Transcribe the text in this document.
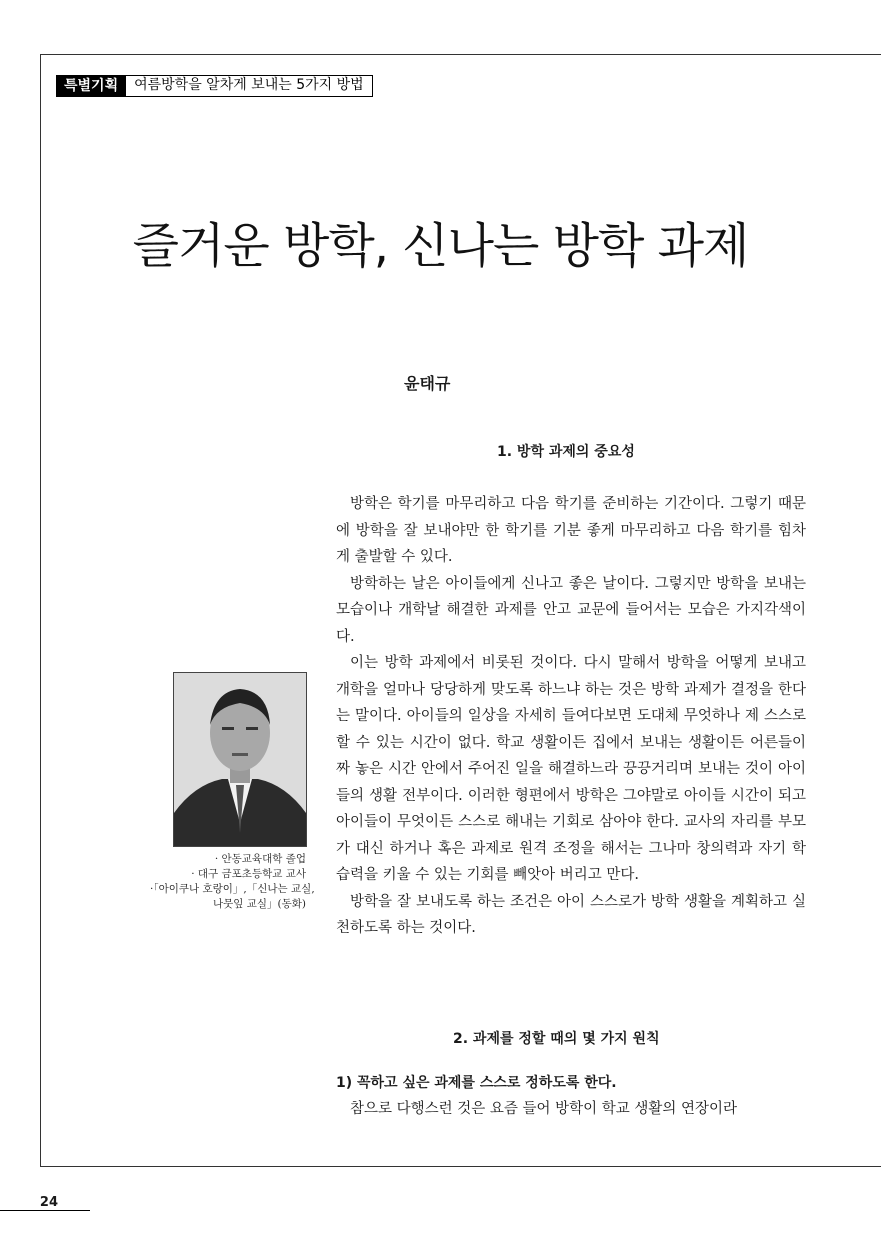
특별기획	여름방학을 알차게 보내는 5가지 방법
즐거운 방학, 신나는 방학 과제
윤태규
1. 방학 과제의 중요성

방학은 학기를 마무리하고 다음 학기를 준비하는 기간이다. 그렇기 때문에 방학을 잘 보내야만 한 학기를 기분 좋게 마무리하고 다음 학기를 힘차게 출발할 수 있다.

방학하는 날은 아이들에게 신나고 좋은 날이다. 그렇지만 방학을 보내는 모습이나 개학날 해결한 과제를 안고 교문에 들어서는 모습은 가지각색이다.

이는 방학 과제에서 비롯된 것이다. 다시 말해서 방학을 어떻게 보내고 개학을 얼마나 당당하게 맞도록 하느냐 하는 것은 방학 과제가 결정을 한다는 말이다. 아이들의 일상을 자세히 들여다보면 도대체 무엇하나 제 스스로 할 수 있는 시간이 없다. 학교 생활이든 집에서 보내는 생활이든 어른들이 짜 놓은 시간 안에서 주어진 일을 해결하느라 끙끙거리며 보내는 것이 아이들의 생활 전부이다. 이러한 형편에서 방학은 그야말로 아이들 시간이 되고 아이들이 무엇이든 스스로 해내는 기회로 삼아야 한다. 교사의 자리를 부모가 대신 하거나 혹은 과제로 원격 조정을 해서는 그나마 창의력과 자기 학습력을 키울 수 있는 기회를 빼앗아 버리고 만다.

방학을 잘 보내도록 하는 조건은 아이 스스로가 방학 생활을 계획하고 실천하도록 하는 것이다.

· 안동교육대학 졸업
· 대구 금포초등학교 교사
·「아이쿠나 호랑이」,「신나는 교실,
나뭇잎 교실」(동화)
2. 과제를 정할 때의 몇 가지 원칙
1) 꼭하고 싶은 과제를 스스로 정하도록 한다.

참으로 다행스런 것은 요즘 들어 방학이 학교 생활의 연장이라

24
